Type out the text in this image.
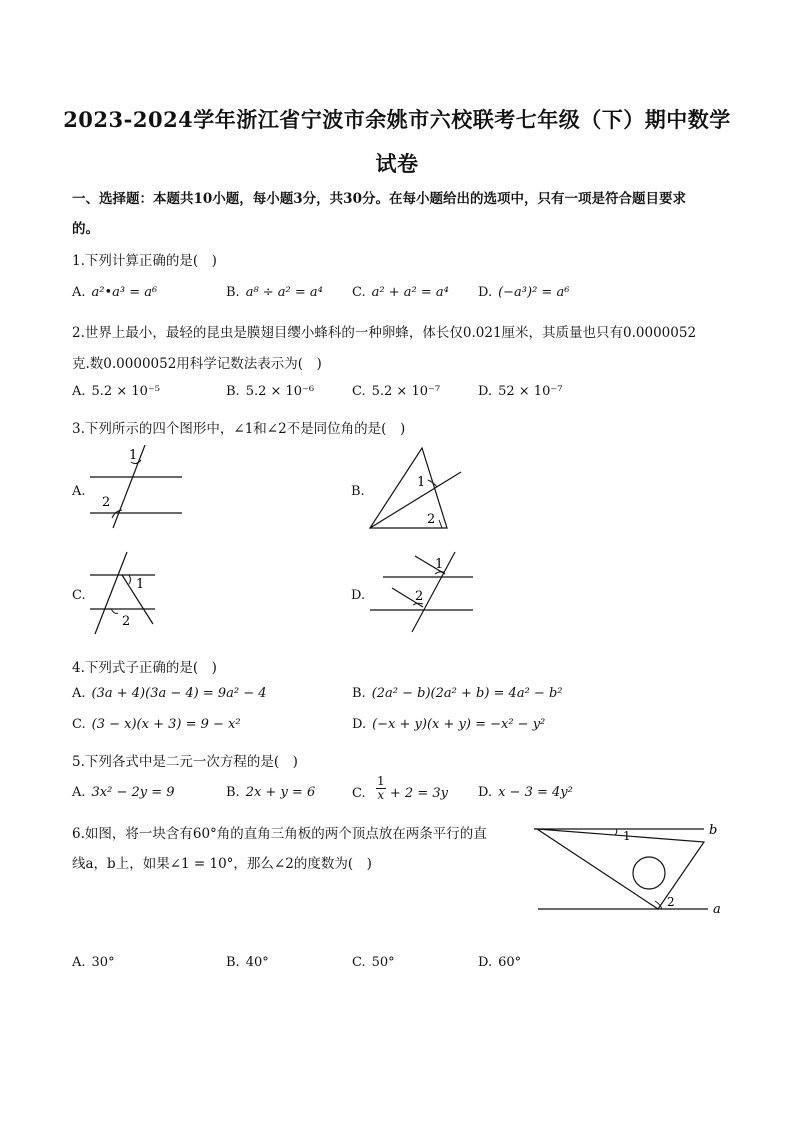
2023-2024学年浙江省宁波市余姚市六校联考七年级（下）期中数学
试卷
一、选择题：本题共10小题，每小题3分，共30分。在每小题给出的选项中，只有一项是符合题目要求
的。
1.下列计算正确的是(　)
A. a²•a³ = a⁶	B. a⁸ ÷ a² = a⁴ C. a² + a² = a⁴ D. (−a³)² = a⁶
2.世界上最小，最轻的昆虫是膜翅目缨小蜂科的一种卵蜂，体长仅0.021厘米，其质量也只有0.0000052
克.数0.0000052用科学记数法表示为(　)
A. 5.2 × 10⁻⁵	B. 5.2 × 10⁻⁶	C. 5.2 × 10⁻⁷	D. 52 × 10⁻⁷
3.下列所示的四个图形中，∠1和∠2不是同位角的是(　)
A.
1
2
B.
1
2
C.
1
2
D.
1
2
4.下列式子正确的是(　)
A. (3a + 4)(3a − 4) = 9a² − 4	B. (2a² − b)(2a² + b) = 4a² − b²
C. (3 − x)(x + 3) = 9 − x²	D. (−x + y)(x + y) = −x² − y²
5.下列各式中是二元一次方程的是(　)
A. 3x² − 2y = 9	B. 2x + y = 6	C. $\frac{1}{x} + 2 = 3y$ D. x − 3 = 4y²
6.如图，将一块含有60°角的直角三角板的两个顶点放在两条平行的直
线a，b上，如果∠1 = 10°，那么∠2的度数为(　)
1
2
b
a
A. 30°	B. 40°	C. 50°	D. 60°
